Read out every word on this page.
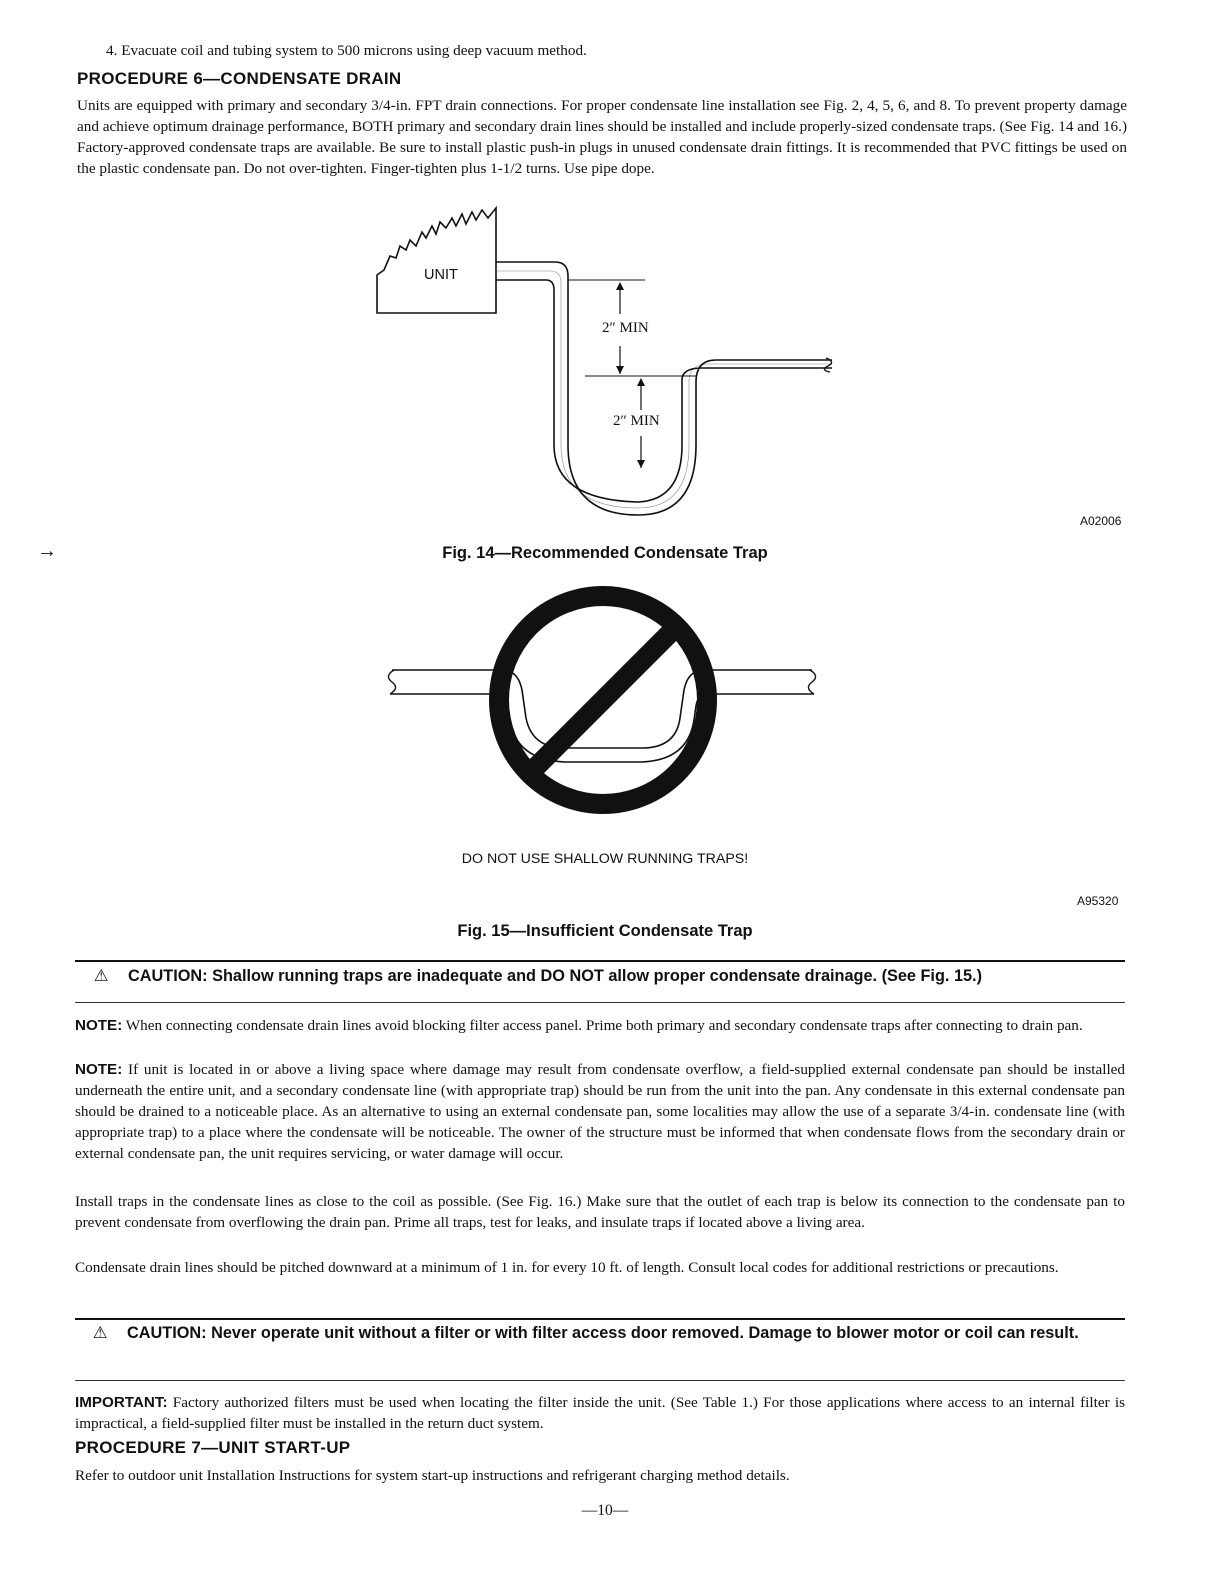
4. Evacuate coil and tubing system to 500 microns using deep vacuum method.
PROCEDURE 6—CONDENSATE DRAIN
Units are equipped with primary and secondary 3/4-in. FPT drain connections. For proper condensate line installation see Fig. 2, 4, 5, 6, and 8. To prevent property damage and achieve optimum drainage performance, BOTH primary and secondary drain lines should be installed and include properly-sized condensate traps. (See Fig. 14 and 16.) Factory-approved condensate traps are available. Be sure to install plastic push-in plugs in unused condensate drain fittings. It is recommended that PVC fittings be used on the plastic condensate pan. Do not over-tighten. Finger-tighten plus 1-1/2 turns. Use pipe dope.
UNIT
2″ MIN
2″ MIN
A02006
→	Fig. 14—Recommended Condensate Trap
DO NOT USE SHALLOW RUNNING TRAPS!
A95320
Fig. 15—Insufficient Condensate Trap
⚠ CAUTION: Shallow running traps are inadequate and DO NOT allow proper condensate drainage. (See Fig. 15.)
NOTE: When connecting condensate drain lines avoid blocking filter access panel. Prime both primary and secondary condensate traps after connecting to drain pan.
NOTE: If unit is located in or above a living space where damage may result from condensate overflow, a field-supplied external condensate pan should be installed underneath the entire unit, and a secondary condensate line (with appropriate trap) should be run from the unit into the pan. Any condensate in this external condensate pan should be drained to a noticeable place. As an alternative to using an external condensate pan, some localities may allow the use of a separate 3/4-in. condensate line (with appropriate trap) to a place where the condensate will be noticeable. The owner of the structure must be informed that when condensate flows from the secondary drain or external condensate pan, the unit requires servicing, or water damage will occur.
Install traps in the condensate lines as close to the coil as possible. (See Fig. 16.) Make sure that the outlet of each trap is below its connection to the condensate pan to prevent condensate from overflowing the drain pan. Prime all traps, test for leaks, and insulate traps if located above a living area.
Condensate drain lines should be pitched downward at a minimum of 1 in. for every 10 ft. of length. Consult local codes for additional restrictions or precautions.
⚠ CAUTION: Never operate unit without a filter or with filter access door removed. Damage to blower motor or coil can result.
IMPORTANT: Factory authorized filters must be used when locating the filter inside the unit. (See Table 1.) For those applications where access to an internal filter is impractical, a field-supplied filter must be installed in the return duct system.
PROCEDURE 7—UNIT START-UP
Refer to outdoor unit Installation Instructions for system start-up instructions and refrigerant charging method details.
—10—
